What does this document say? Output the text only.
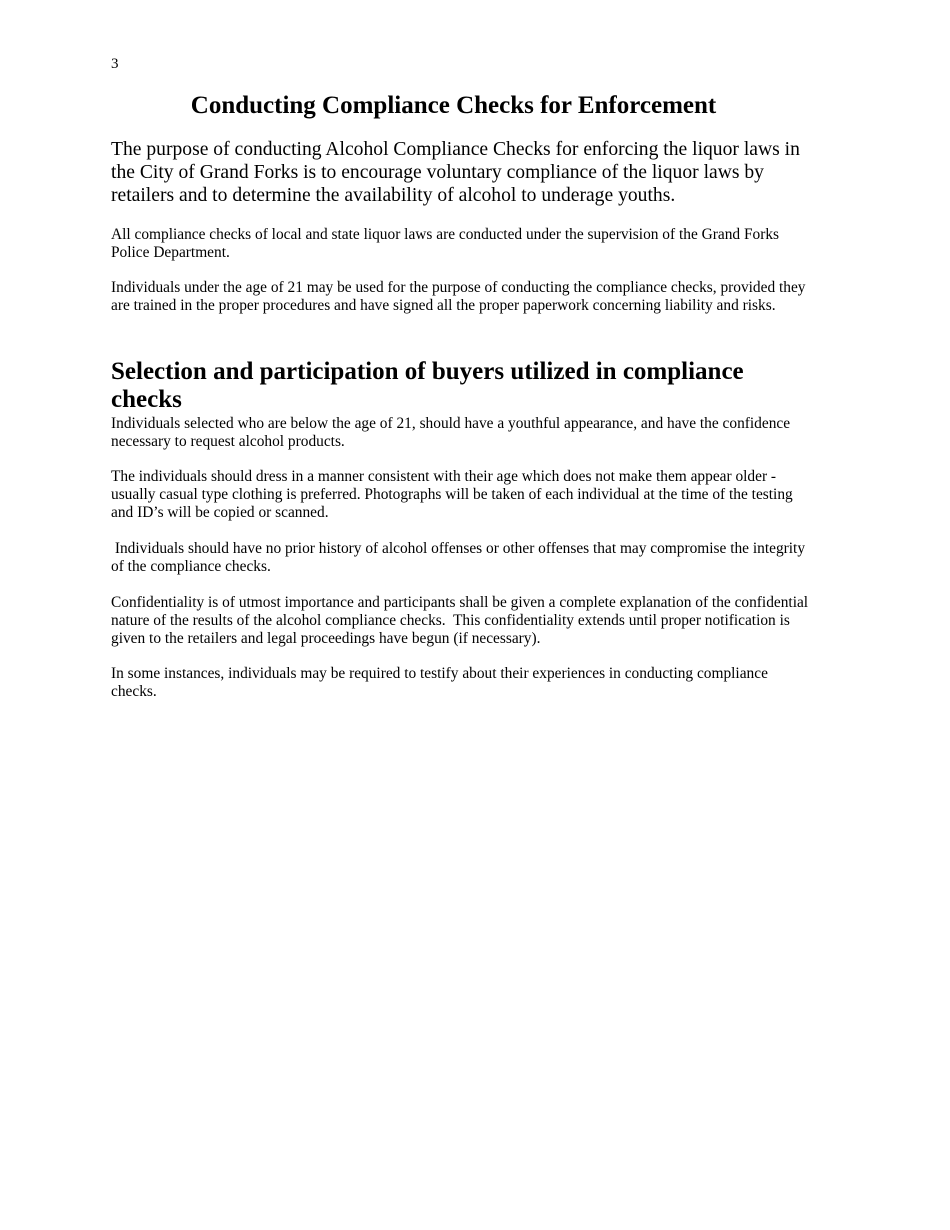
3

Conducting Compliance Checks for Enforcement

The purpose of conducting Alcohol Compliance Checks for enforcing the liquor laws in the City of Grand Forks is to encourage voluntary compliance of the liquor laws by retailers and to determine the availability of alcohol to underage youths.

All compliance checks of local and state liquor laws are conducted under the supervision of the Grand Forks Police Department.

Individuals under the age of 21 may be used for the purpose of conducting the compliance checks, provided they are trained in the proper procedures and have signed all the proper paperwork concerning liability and risks.

Selection and participation of buyers utilized in compliance checks

Individuals selected who are below the age of 21, should have a youthful appearance, and have the confidence necessary to request alcohol products.

The individuals should dress in a manner consistent with their age which does not make them appear older - usually casual type clothing is preferred. Photographs will be taken of each individual at the time of the testing and ID’s will be copied or scanned.

Individuals should have no prior history of alcohol offenses or other offenses that may compromise the integrity of the compliance checks.

Confidentiality is of utmost importance and participants shall be given a complete explanation of the confidential nature of the results of the alcohol compliance checks.  This confidentiality extends until proper notification is given to the retailers and legal proceedings have begun (if necessary).

In some instances, individuals may be required to testify about their experiences in conducting compliance checks.
